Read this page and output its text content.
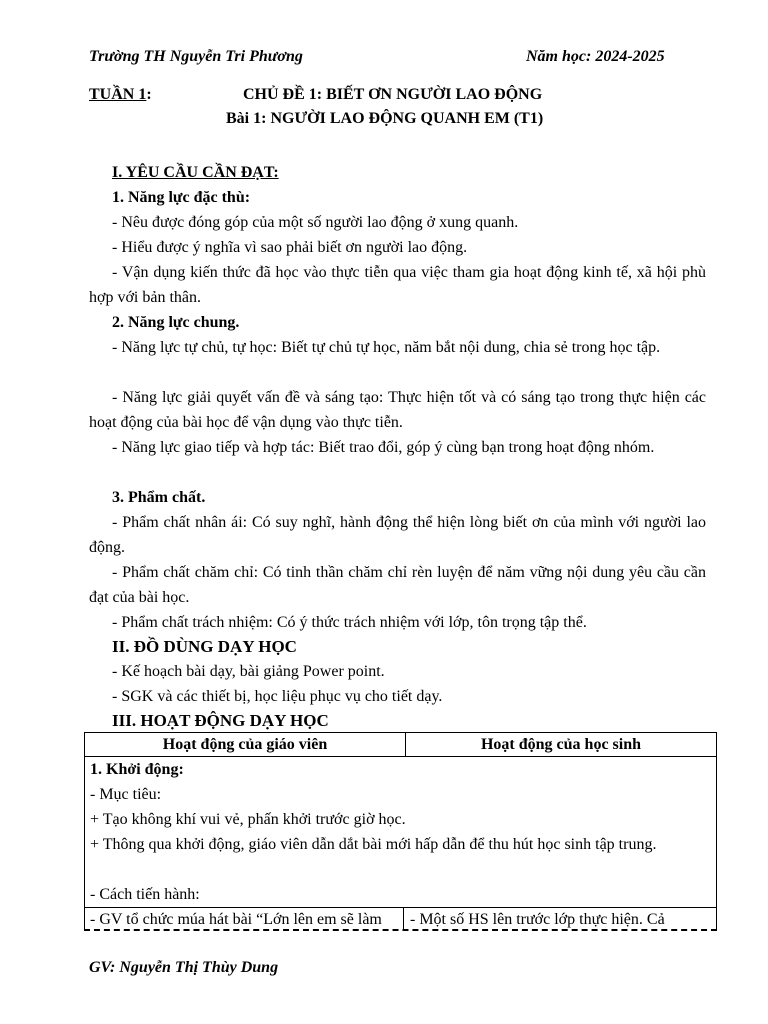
Trường TH Nguyễn Tri Phương	Năm học: 2024-2025
TUẦN 1:	CHỦ ĐỀ 1: BIẾT ƠN NGƯỜI LAO ĐỘNG
Bài 1: NGƯỜI LAO ĐỘNG QUANH EM (T1)
I. YÊU CẦU CẦN ĐẠT:
1. Năng lực đặc thù:
- Nêu được đóng góp của một số người lao động ở xung quanh.
- Hiểu được ý nghĩa vì sao phải biết ơn người lao động.
- Vận dụng kiến thức đã học vào thực tiễn qua việc tham gia hoạt động kinh tế, xã hội phù hợp với bản thân.
2. Năng lực chung.
- Năng lực tự chủ, tự học: Biết tự chủ tự học, năm bắt nội dung, chia sẻ trong học tập.
- Năng lực giải quyết vấn đề và sáng tạo: Thực hiện tốt và có sáng tạo trong thực hiện các hoạt động của bài học để vận dụng vào thực tiễn.
- Năng lực giao tiếp và hợp tác: Biết trao đổi, góp ý cùng bạn trong hoạt động nhóm.
3. Phẩm chất.
- Phẩm chất nhân ái: Có suy nghĩ, hành động thể hiện lòng biết ơn của mình với người lao động.
- Phẩm chất chăm chỉ: Có tinh thần chăm chỉ rèn luyện để năm vững nội dung yêu cầu cần đạt của bài học.
- Phẩm chất trách nhiệm: Có ý thức trách nhiệm với lớp, tôn trọng tập thể.
II. ĐỒ DÙNG DẠY HỌC
- Kế hoạch bài dạy, bài giảng Power point.
- SGK và các thiết bị, học liệu phục vụ cho tiết dạy.
III. HOẠT ĐỘNG DẠY HỌC
Hoạt động của giáo viên	Hoạt động của học sinh
1. Khởi động:
- Mục tiêu:
+ Tạo không khí vui vẻ, phấn khởi trước giờ học.
+ Thông qua khởi động, giáo viên dẫn dắt bài mới hấp dẫn để thu hút học sinh tập trung.
- Cách tiến hành:
- GV tổ chức múa hát bài “Lớn lên em sẽ làm	- Một số HS lên trước lớp thực hiện. Cả
GV: Nguyễn Thị Thùy Dung
